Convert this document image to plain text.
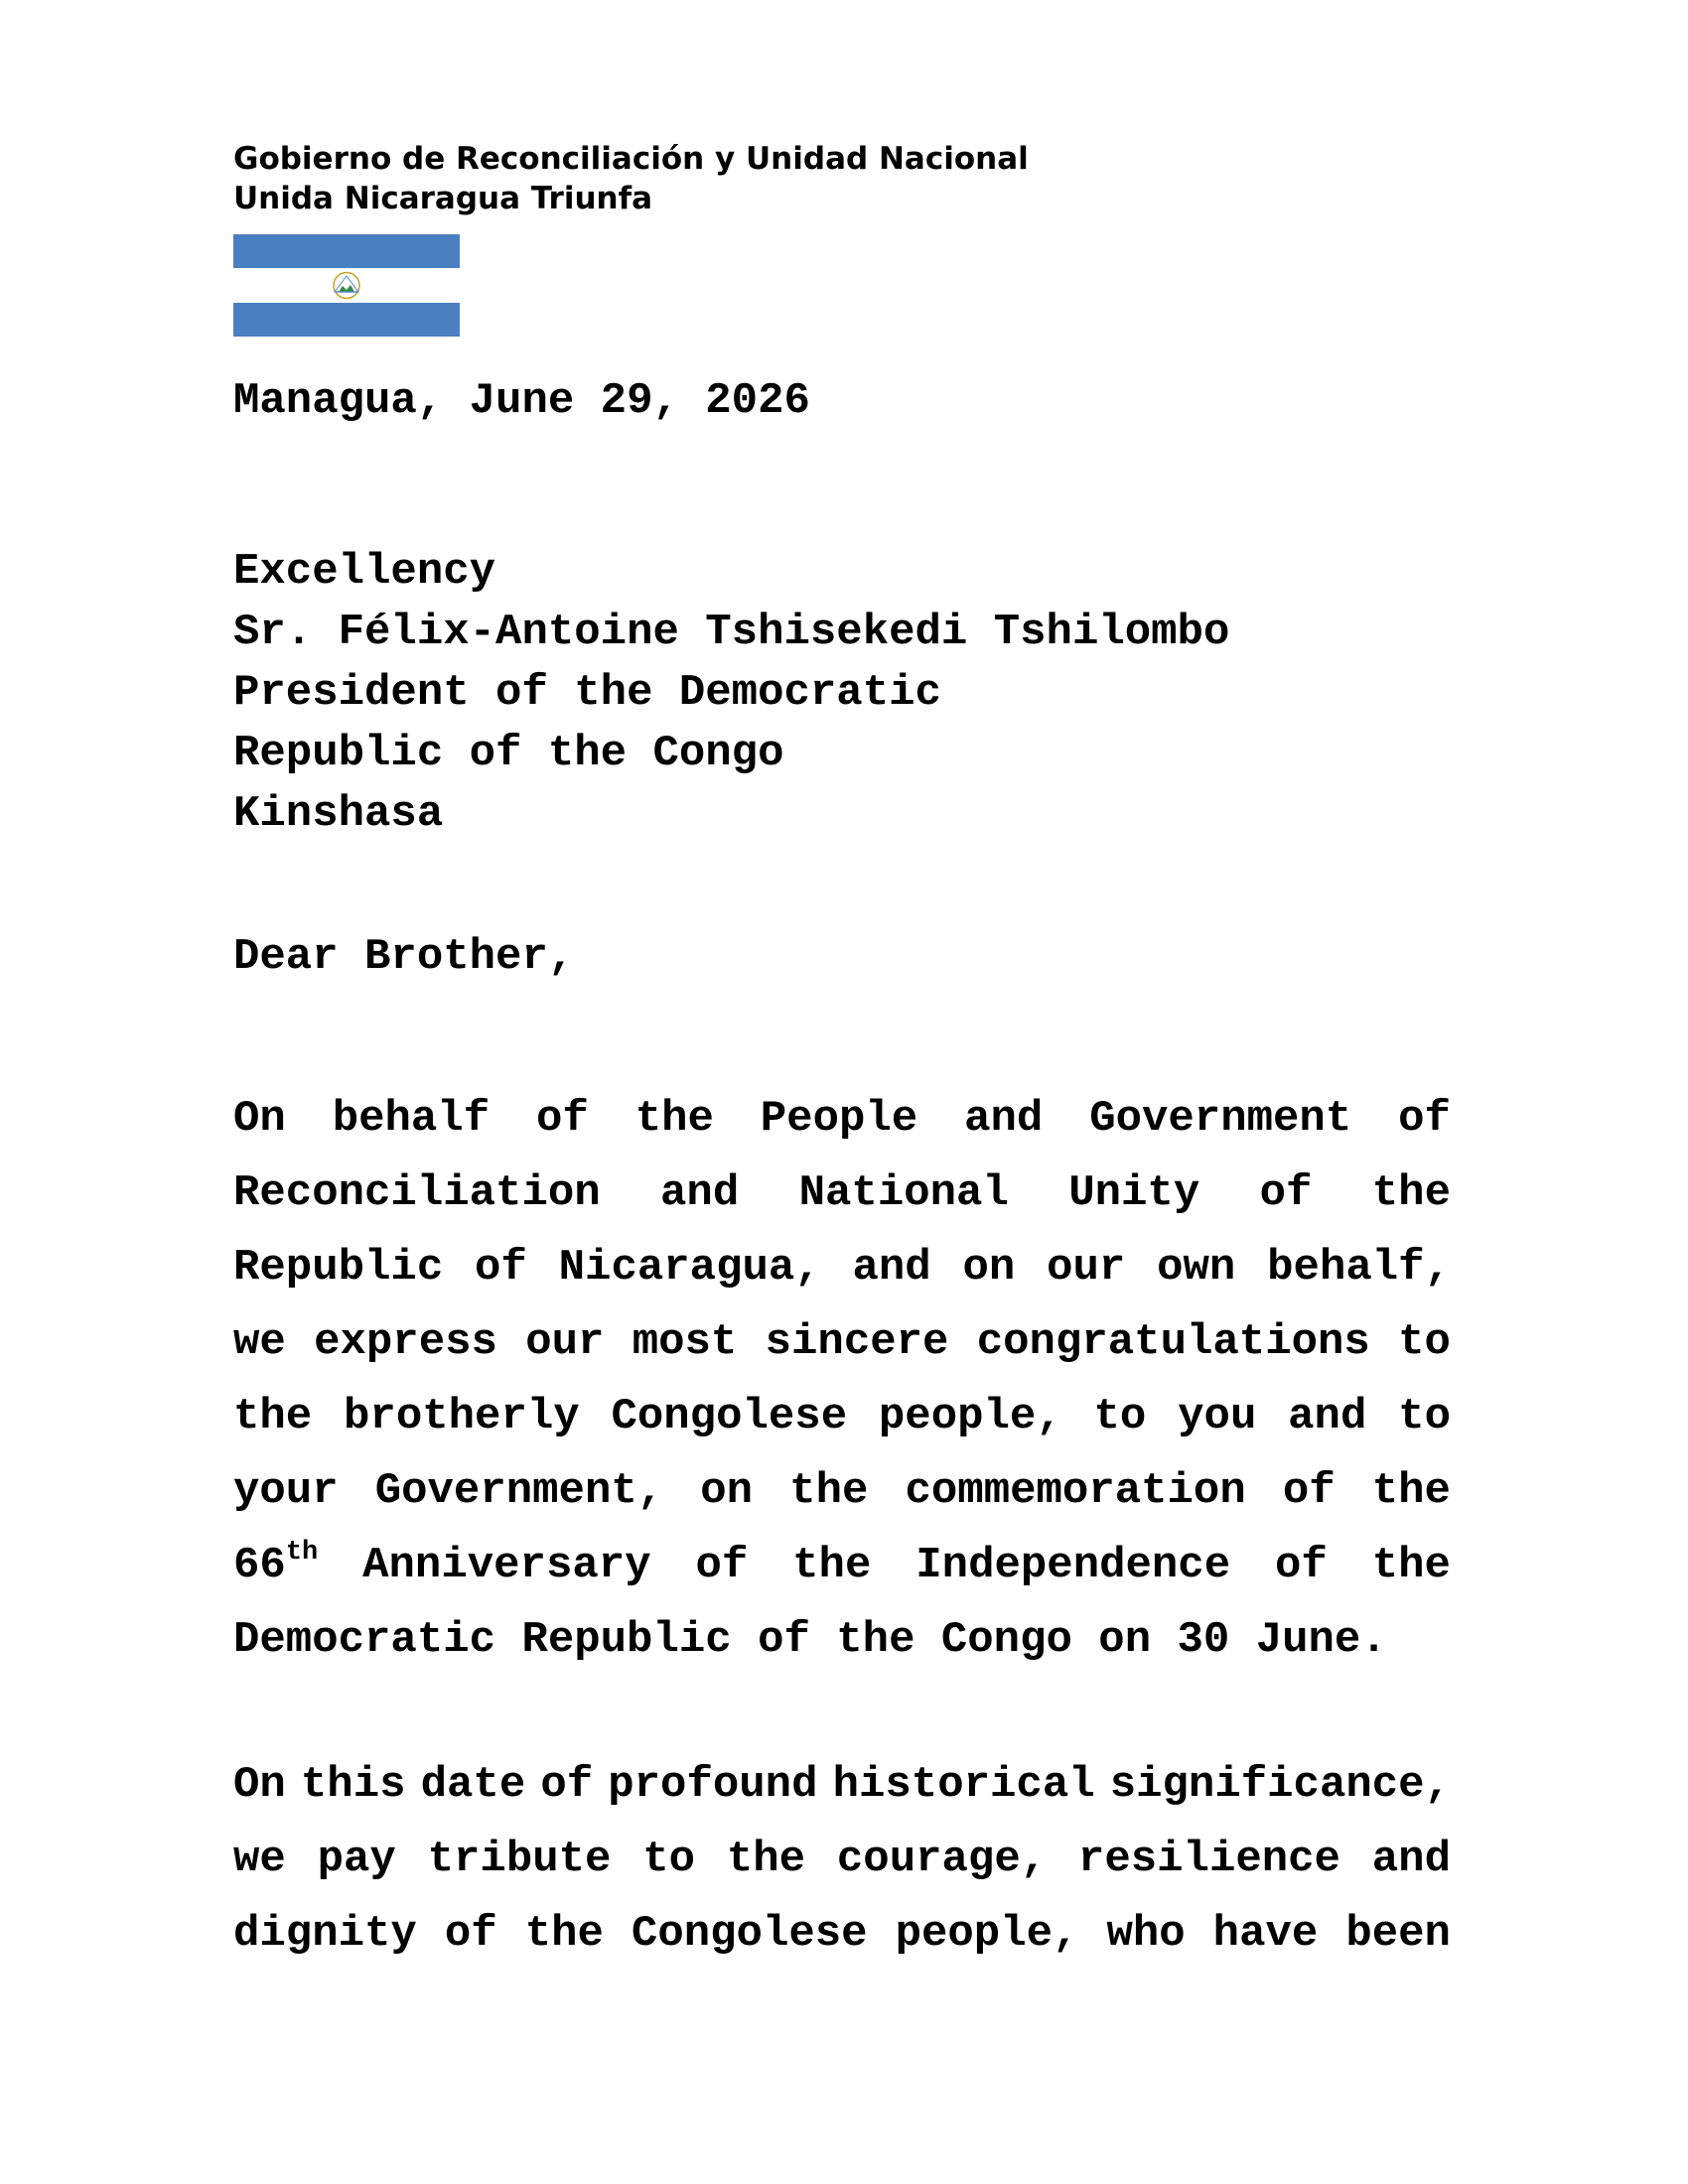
Gobierno de Reconciliación y Unidad Nacional
Unida Nicaragua Triunfa
Managua, June 29, 2026
Excellency
Sr. Félix-Antoine Tshisekedi Tshilombo
President of the Democratic
Republic of the Congo
Kinshasa
Dear Brother,
On behalf of the People and Government of
Reconciliation and National Unity of the
Republic of Nicaragua, and on our own behalf,
we express our most sincere congratulations to
the brotherly Congolese people, to you and to
your Government, on the commemoration of the
66th Anniversary of the Independence of the
Democratic Republic of the Congo on 30 June.
On this date of profound historical significance,
we pay tribute to the courage, resilience and
dignity of the Congolese people, who have been
